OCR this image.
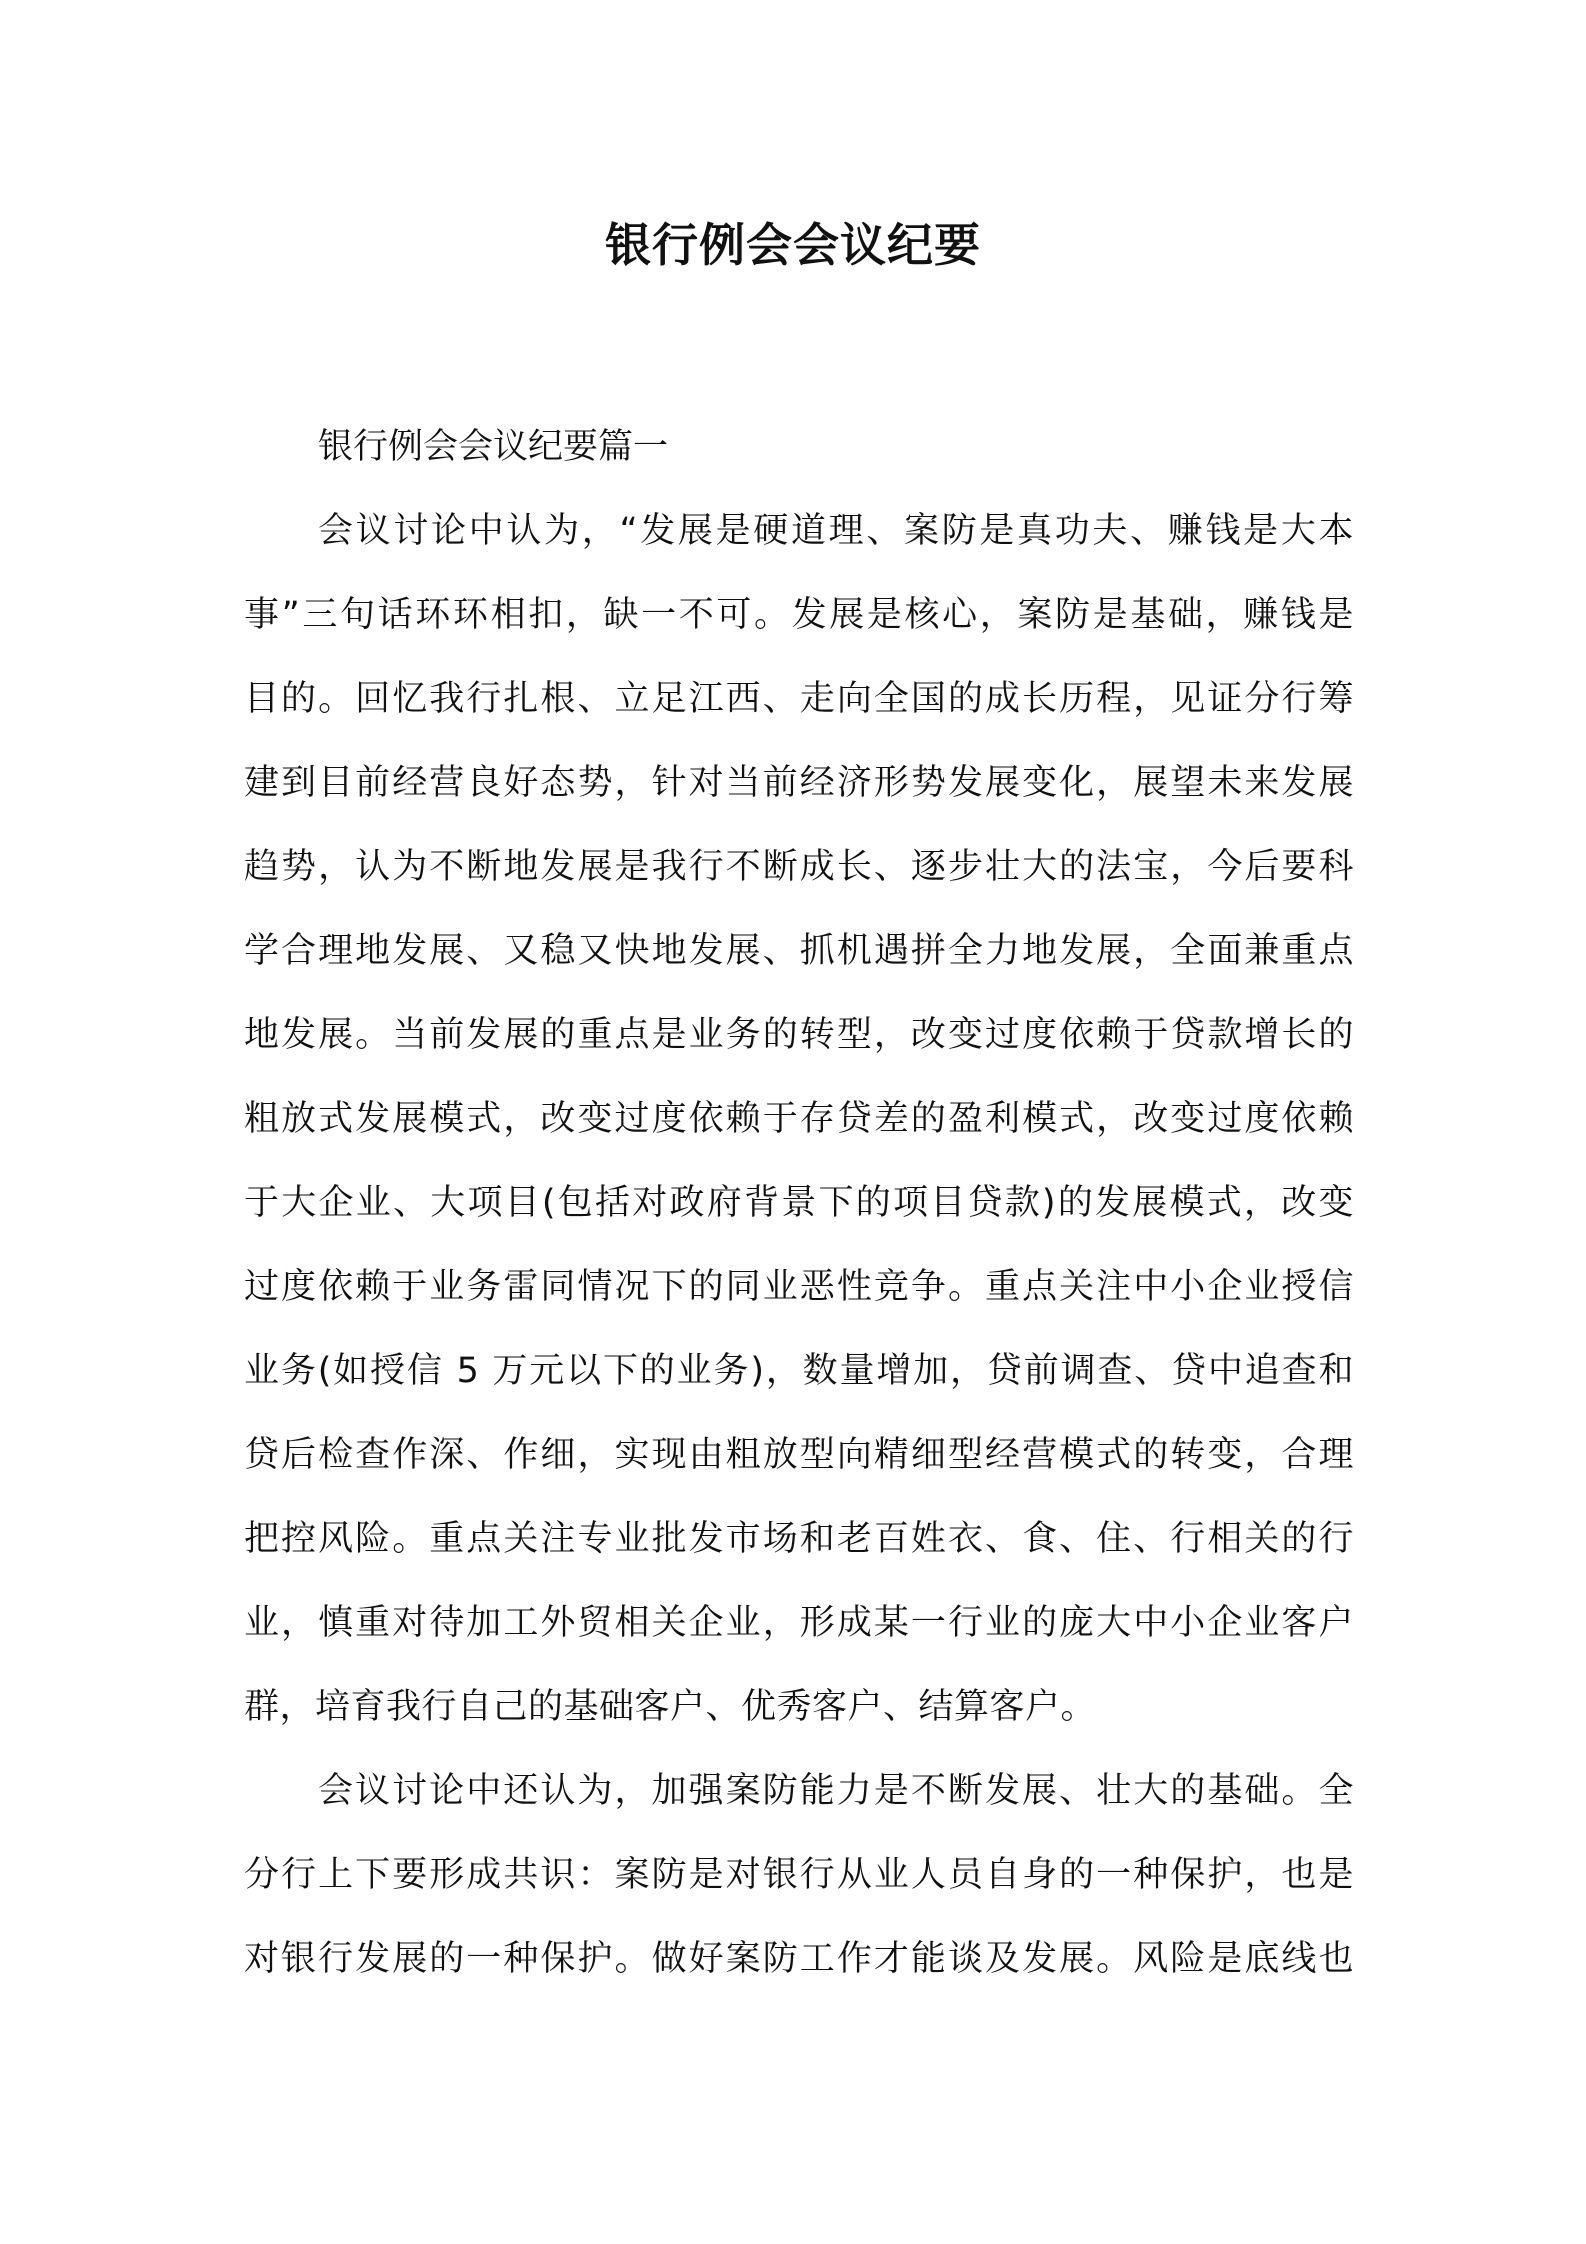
银行例会会议纪要

银行例会会议纪要篇一

会议讨论中认为，“发展是硬道理、案防是真功夫、赚钱是大本

事”三句话环环相扣，缺一不可。发展是核心，案防是基础，赚钱是

目的。回忆我行扎根、立足江西、走向全国的成长历程，见证分行筹

建到目前经营良好态势，针对当前经济形势发展变化，展望未来发展

趋势，认为不断地发展是我行不断成长、逐步壮大的法宝，今后要科

学合理地发展、又稳又快地发展、抓机遇拼全力地发展，全面兼重点

地发展。当前发展的重点是业务的转型，改变过度依赖于贷款增长的

粗放式发展模式，改变过度依赖于存贷差的盈利模式，改变过度依赖

于大企业、大项目(包括对政府背景下的项目贷款)的发展模式，改变

过度依赖于业务雷同情况下的同业恶性竞争。重点关注中小企业授信

业务(如授信 5 万元以下的业务)，数量增加，贷前调查、贷中追查和

贷后检查作深、作细，实现由粗放型向精细型经营模式的转变，合理

把控风险。重点关注专业批发市场和老百姓衣、食、住、行相关的行

业，慎重对待加工外贸相关企业，形成某一行业的庞大中小企业客户

群，培育我行自己的基础客户、优秀客户、结算客户。

会议讨论中还认为，加强案防能力是不断发展、壮大的基础。全

分行上下要形成共识：案防是对银行从业人员自身的一种保护，也是

对银行发展的一种保护。做好案防工作才能谈及发展。风险是底线也
